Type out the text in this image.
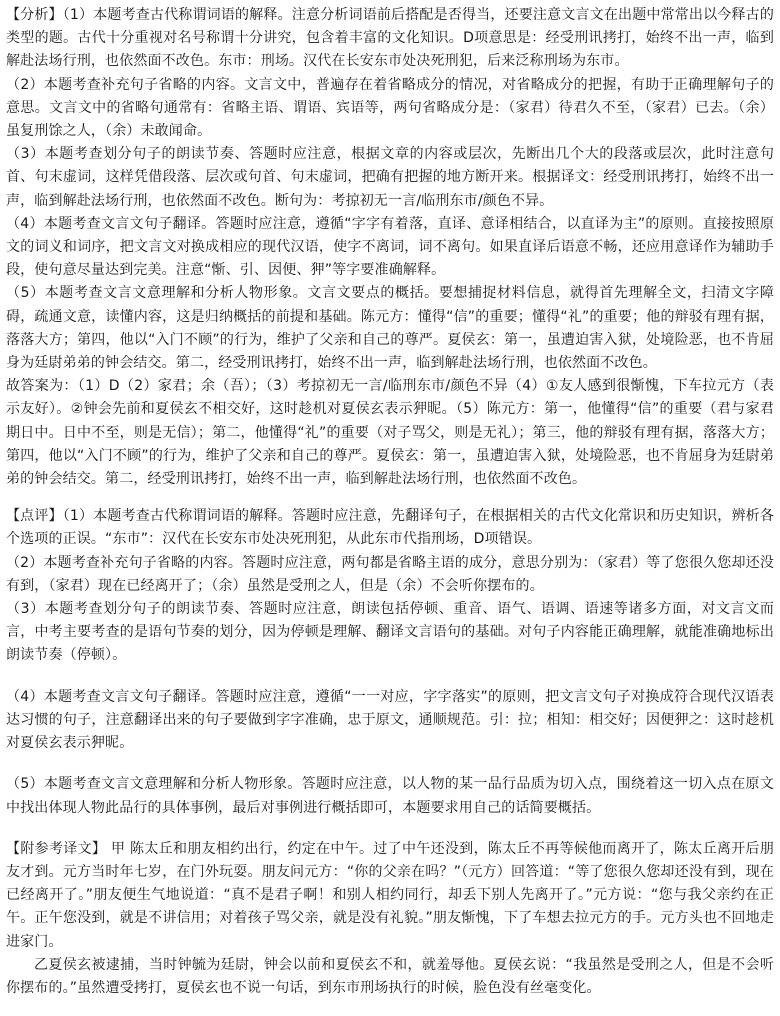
【分析】（1）本题考查古代称谓词语的解释。注意分析词语前后搭配是否得当，还要注意文言文在出题中常常出以今释古的类型的题。古代十分重视对名号称谓十分讲究，包含着丰富的文化知识。D项意思是：经受刑讯拷打，始终不出一声，临到解赴法场行刑，也依然面不改色。东市：刑场。汉代在长安东市处决死刑犯，后来泛称刑场为东市。

（2）本题考查补充句子省略的内容。文言文中，普遍存在着省略成分的情况，对省略成分的把握，有助于正确理解句子的意思。文言文中的省略句通常有：省略主语、谓语、宾语等，两句省略成分是：（家君）待君久不至，（家君）已去。（余）虽复刑馀之人，（余）未敢闻命。

（3）本题考查划分句子的朗读节奏、答题时应注意，根据文章的内容或层次，先断出几个大的段落或层次，此时注意句首、句末虚词，这样凭借段落、层次或句首、句末虚词，把确有把握的地方断开来。根据译文：经受刑讯拷打，始终不出一声，临到解赴法场行刑，也依然面不改色。断句为：考掠初无一言/临刑东市/颜色不异。

（4）本题考查文言文句子翻译。答题时应注意，遵循“字字有着落，直译、意译相结合，以直译为主”的原则。直接按照原文的词义和词序，把文言文对换成相应的现代汉语，使字不离词，词不离句。如果直译后语意不畅，还应用意译作为辅助手段，使句意尽量达到完美。注意“惭、引、因便、狎”等字要准确解释。

（5）本题考查文言文意理解和分析人物形象。文言文要点的概括。要想捕捉材料信息，就得首先理解全文，扫清文字障碍，疏通文意，读懂内容，这是归纳概括的前提和基础。陈元方：懂得“信”的重要；懂得“礼”的重要；他的辩驳有理有据，落落大方；第四，他以“入门不顾”的行为，维护了父亲和自己的尊严。夏侯玄：第一，虽遭迫害入狱，处境险恶，也不肯屈身为廷尉弟弟的钟会结交。第二，经受刑讯拷打，始终不出一声，临到解赴法场行刑，也依然面不改色。

故答案为：（1）D（2）家君；余（吾）；（3）考掠初无一言/临刑东市/颜色不异（4）①友人感到很惭愧，下车拉元方（表示友好）。②钟会先前和夏侯玄不相交好，这时趁机对夏侯玄表示狎昵。（5）陈元方：第一，他懂得“信”的重要（君与家君期日中。日中不至，则是无信）；第二，他懂得“礼”的重要（对子骂父，则是无礼）；第三，他的辩驳有理有据，落落大方；第四，他以“入门不顾”的行为，维护了父亲和自己的尊严。夏侯玄：第一，虽遭迫害入狱，处境险恶，也不肯屈身为廷尉弟弟的钟会结交。第二，经受刑讯拷打，始终不出一声，临到解赴法场行刑，也依然面不改色。

【点评】（1）本题考查古代称谓词语的解释。答题时应注意，先翻译句子，在根据相关的古代文化常识和历史知识，辨析各个选项的正误。“东市”：汉代在长安东市处决死刑犯，从此东市代指刑场，D项错误。

（2）本题考查补充句子省略的内容。答题时应注意，两句都是省略主语的成分，意思分别为：（家君）等了您很久您却还没有到，（家君）现在已经离开了；（余）虽然是受刑之人，但是（余）不会听你摆布的。

（3）本题考查划分句子的朗读节奏、答题时应注意，朗读包括停顿、重音、语气、语调、语速等诸多方面，对文言文而言，中考主要考查的是语句节奏的划分，因为停顿是理解、翻译文言语句的基础。对句子内容能正确理解，就能准确地标出朗读节奏（停顿）。

（4）本题考查文言文句子翻译。答题时应注意，遵循“一一对应，字字落实”的原则，把文言文句子对换成符合现代汉语表达习惯的句子，注意翻译出来的句子要做到字字准确，忠于原文，通顺规范。引：拉；相知：相交好；因便狎之：这时趁机对夏侯玄表示狎昵。

（5）本题考查文言文意理解和分析人物形象。答题时应注意，以人物的某一品行品质为切入点，围绕着这一切入点在原文中找出体现人物此品行的具体事例，最后对事例进行概括即可，本题要求用自己的话简要概括。

【附参考译文】 甲 陈太丘和朋友相约出行，约定在中午。过了中午还没到，陈太丘不再等候他而离开了，陈太丘离开后朋友才到。元方当时年七岁，在门外玩耍。朋友问元方：“你的父亲在吗？”（元方）回答道：“等了您很久您却还没有到，现在已经离开了。”朋友便生气地说道：“真不是君子啊！和别人相约同行，却丢下别人先离开了。”元方说：“您与我父亲约在正午。正午您没到，就是不讲信用；对着孩子骂父亲，就是没有礼貌。”朋友惭愧，下了车想去拉元方的手。元方头也不回地走进家门。

乙夏侯玄被逮捕，当时钟毓为廷尉，钟会以前和夏侯玄不和，就羞辱他。夏侯玄说：“我虽然是受刑之人，但是不会听你摆布的。”虽然遭受拷打，夏侯玄也不说一句话，到东市刑场执行的时候，脸色没有丝毫变化。
